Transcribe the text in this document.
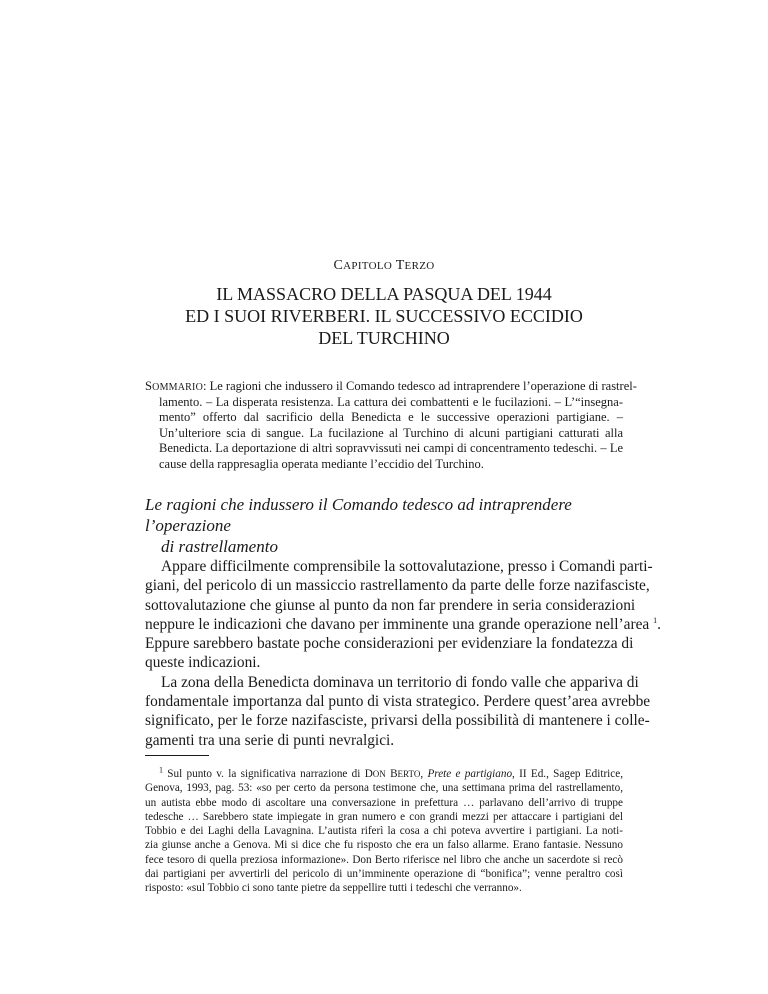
CAPITOLO TERZO
IL MASSACRO DELLA PASQUA DEL 1944
ED I SUOI RIVERBERI. IL SUCCESSIVO ECCIDIO
DEL TURCHINO
SOMMARIO: Le ragioni che indussero il Comando tedesco ad intraprendere l’operazione di rastrel-
lamento. – La disperata resistenza. La cattura dei combattenti e le fucilazioni. – L’“insegna-
mento” offerto dal sacrificio della Benedicta e le successive operazioni partigiane. –
Un’ulteriore scia di sangue. La fucilazione al Turchino di alcuni partigiani catturati alla
Benedicta. La deportazione di altri sopravvissuti nei campi di concentramento tedeschi. – Le
cause della rappresaglia operata mediante l’eccidio del Turchino.
Le ragioni che indussero il Comando tedesco ad intraprendere l’operazione
di rastrellamento
Appare difficilmente comprensibile la sottovalutazione, presso i Comandi parti-
giani, del pericolo di un massiccio rastrellamento da parte delle forze nazifasciste,
sottovalutazione che giunse al punto da non far prendere in seria considerazioni
neppure le indicazioni che davano per imminente una grande operazione nell’area $^1$.
Eppure sarebbero bastate poche considerazioni per evidenziare la fondatezza di
queste indicazioni.
La zona della Benedicta dominava un territorio di fondo valle che appariva di
fondamentale importanza dal punto di vista strategico. Perdere quest’area avrebbe
significato, per le forze nazifasciste, privarsi della possibilità di mantenere i colle-
gamenti tra una serie di punti nevralgici.
$^1$ Sul punto v. la significativa narrazione di DON BERTO, Prete e partigiano, II Ed., Sagep Editrice,
Genova, 1993, pag. 53: «so per certo da persona testimone che, una settimana prima del rastrellamento,
un autista ebbe modo di ascoltare una conversazione in prefettura … parlavano dell’arrivo di truppe
tedesche … Sarebbero state impiegate in gran numero e con grandi mezzi per attaccare i partigiani del
Tobbio e dei Laghi della Lavagnina. L’autista riferì la cosa a chi poteva avvertire i partigiani. La noti-
zia giunse anche a Genova. Mi si dice che fu risposto che era un falso allarme. Erano fantasie. Nessuno
fece tesoro di quella preziosa informazione». Don Berto riferisce nel libro che anche un sacerdote si recò
dai partigiani per avvertirli del pericolo di un’imminente operazione di “bonifica”; venne peraltro così
risposto: «sul Tobbio ci sono tante pietre da seppellire tutti i tedeschi che verranno».
